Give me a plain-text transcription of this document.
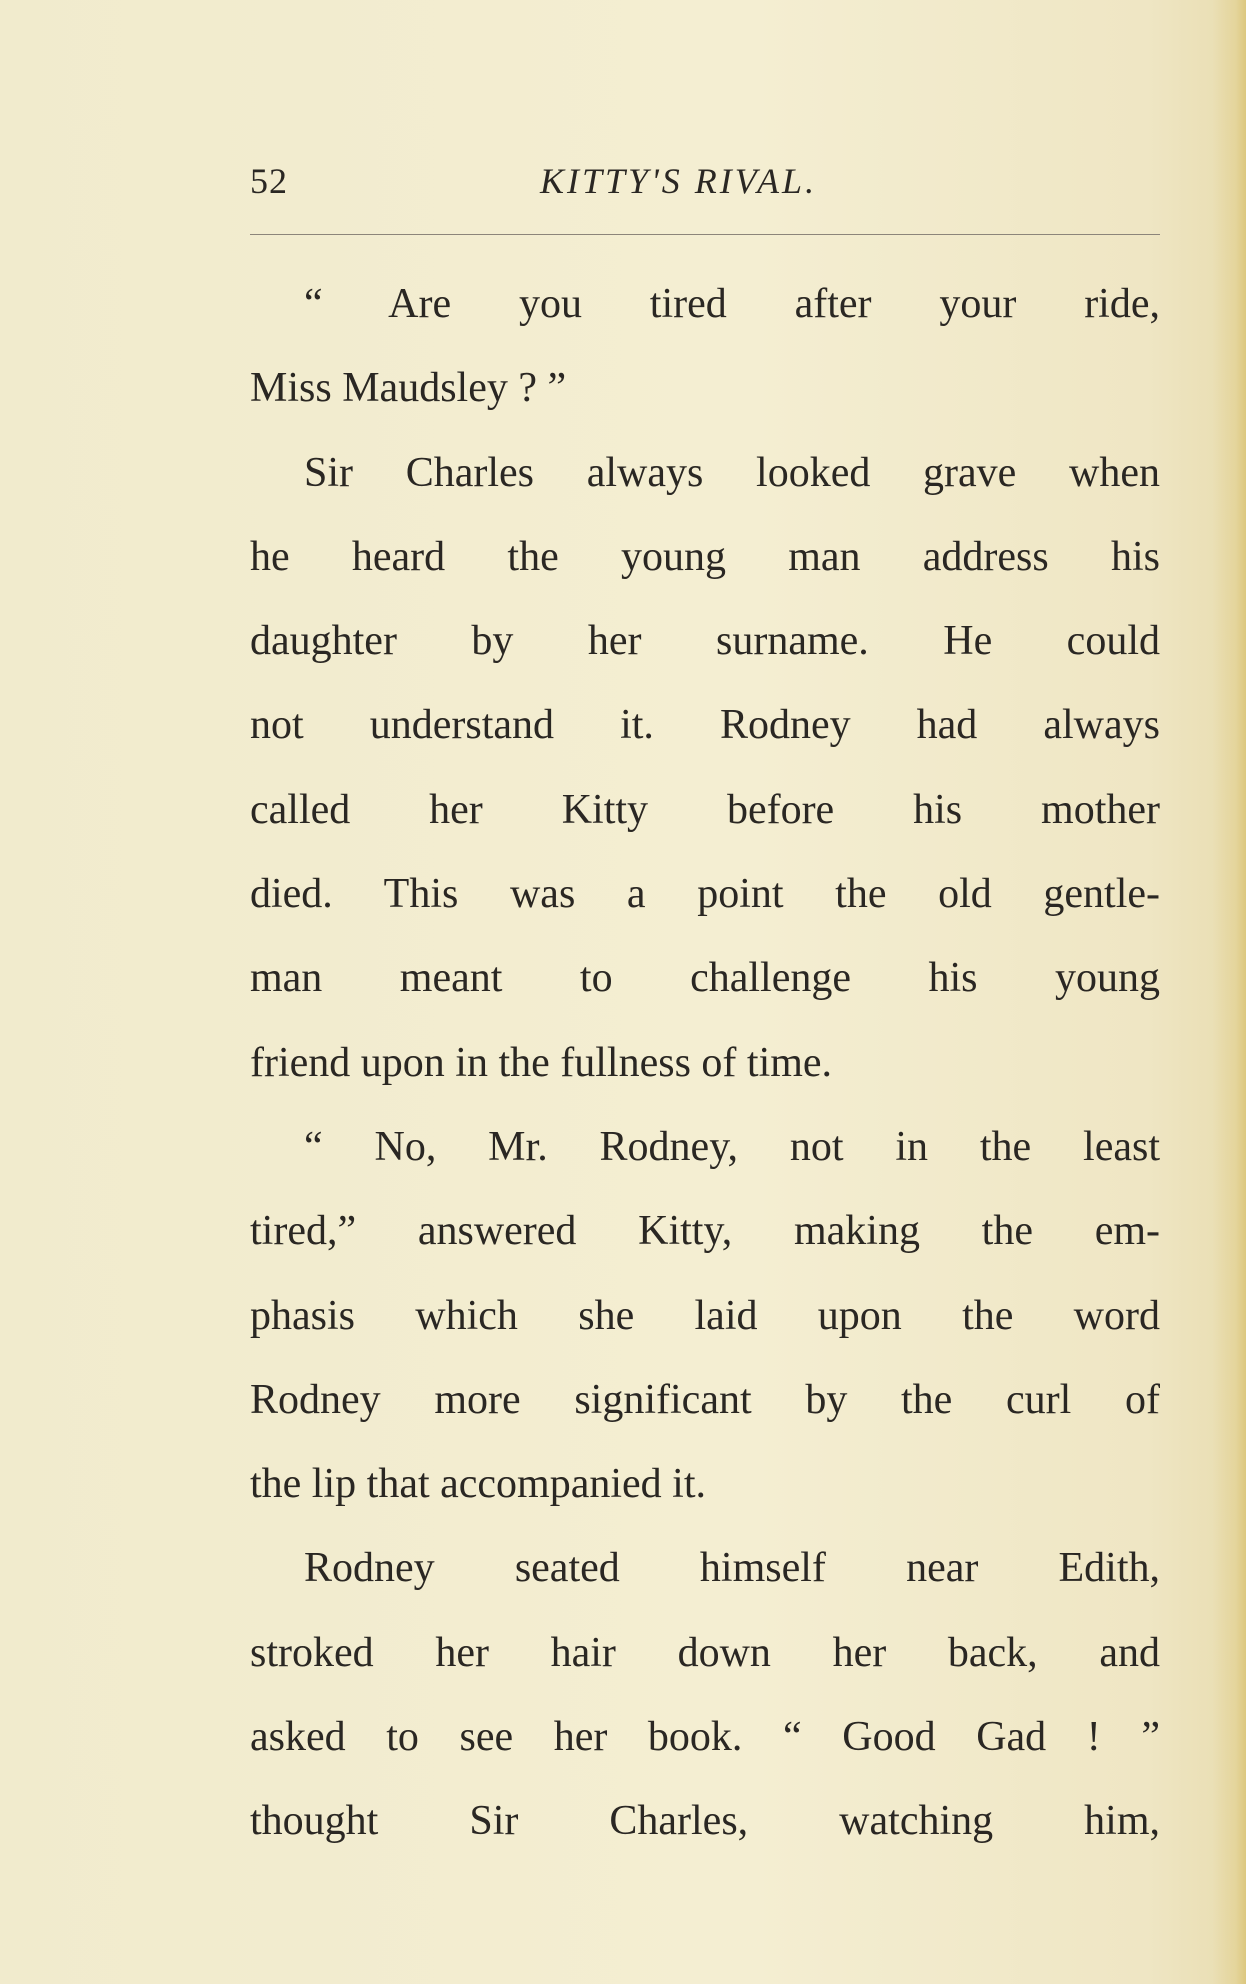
52	KITTY'S RIVAL.
“ Are you tired after your ride,
Miss Maudsley ? ”
Sir Charles always looked grave when
he heard the young man address his
daughter by her surname. He could
not understand it. Rodney had always
called her Kitty before his mother
died. This was a point the old gentle-
man meant to challenge his young
friend upon in the fullness of time.
“ No, Mr. Rodney, not in the least
tired,” answered Kitty, making the em-
phasis which she laid upon the word
Rodney more significant by the curl of
the lip that accompanied it.
Rodney seated himself near Edith,
stroked her hair down her back, and
asked to see her book. “ Good Gad ! ”
thought Sir Charles, watching him,
